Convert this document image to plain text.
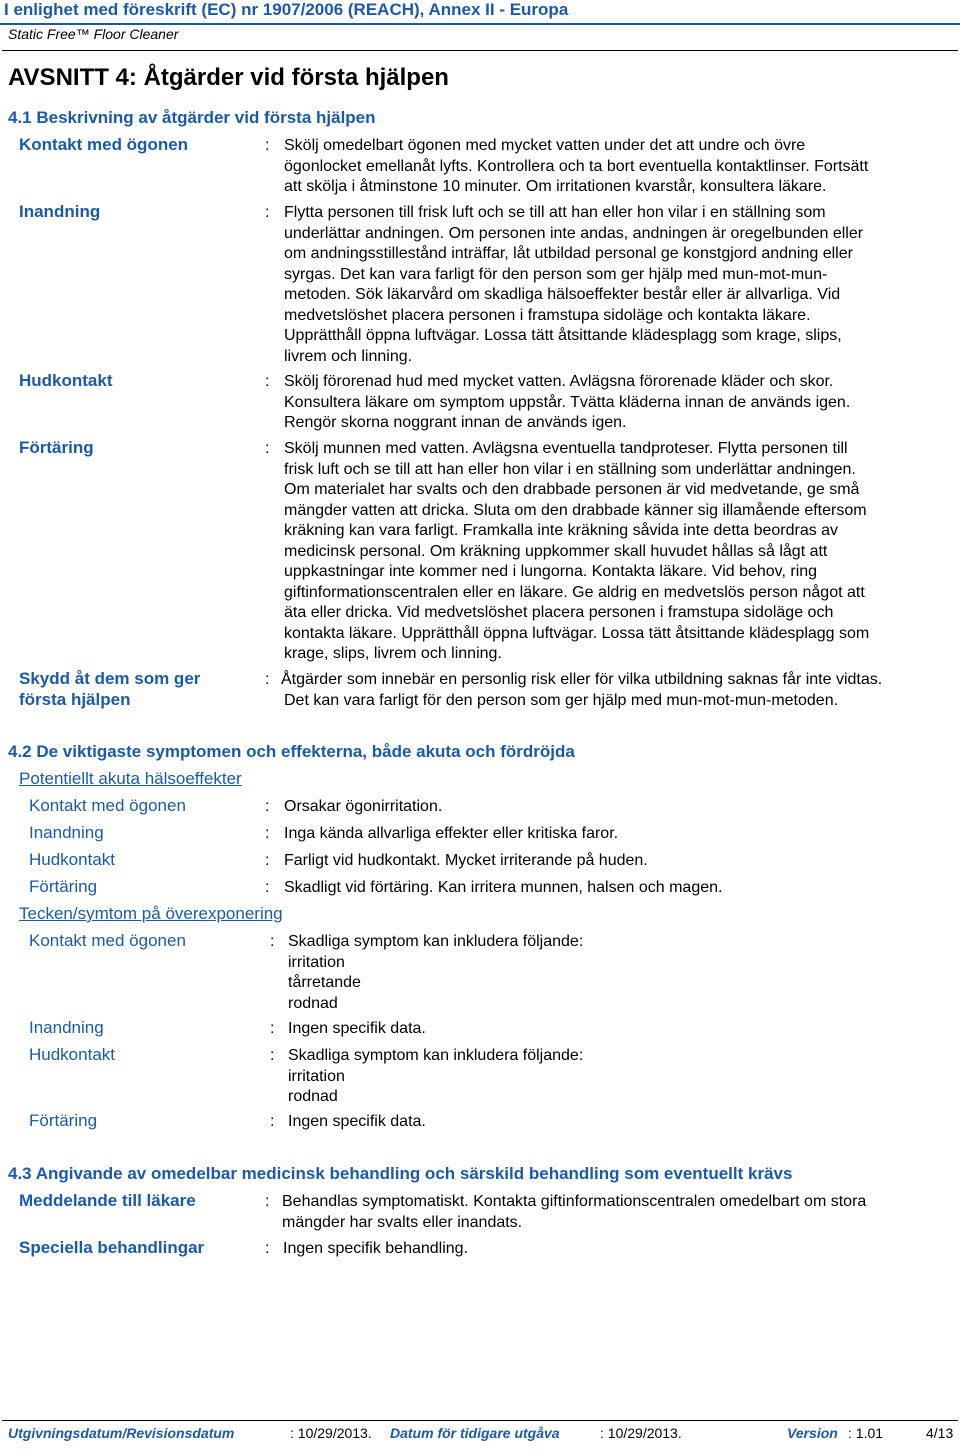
I enlighet med föreskrift (EC) nr 1907/2006 (REACH), Annex II - Europa
Static Free™ Floor Cleaner
AVSNITT 4: Åtgärder vid första hjälpen
4.1 Beskrivning av åtgärder vid första hjälpen
Kontakt med ögonen	: Skölj omedelbart ögonen med mycket vatten under det att undre och övre
ögonlocket emellanåt lyfts. Kontrollera och ta bort eventuella kontaktlinser. Fortsätt
att skölja i åtminstone 10 minuter. Om irritationen kvarstår, konsultera läkare.
Inandning	: Flytta personen till frisk luft och se till att han eller hon vilar i en ställning som
underlättar andningen. Om personen inte andas, andningen är oregelbunden eller
om andningsstillestånd inträffar, låt utbildad personal ge konstgjord andning eller
syrgas. Det kan vara farligt för den person som ger hjälp med mun-mot-mun-
metoden. Sök läkarvård om skadliga hälsoeffekter består eller är allvarliga. Vid
medvetslöshet placera personen i framstupa sidoläge och kontakta läkare.
Upprätthåll öppna luftvägar. Lossa tätt åtsittande klädesplagg som krage, slips,
livrem och linning.
Hudkontakt	: Skölj förorenad hud med mycket vatten. Avlägsna förorenade kläder och skor.
Konsultera läkare om symptom uppstår. Tvätta kläderna innan de används igen.
Rengör skorna noggrant innan de används igen.
Förtäring	: Skölj munnen med vatten. Avlägsna eventuella tandproteser. Flytta personen till
frisk luft och se till att han eller hon vilar i en ställning som underlättar andningen.
Om materialet har svalts och den drabbade personen är vid medvetande, ge små
mängder vatten att dricka. Sluta om den drabbade känner sig illamående eftersom
kräkning kan vara farligt. Framkalla inte kräkning såvida inte detta beordras av
medicinsk personal. Om kräkning uppkommer skall huvudet hållas så lågt att
uppkastningar inte kommer ned i lungorna. Kontakta läkare. Vid behov, ring
giftinformationscentralen eller en läkare. Ge aldrig en medvetslös person något att
äta eller dricka. Vid medvetslöshet placera personen i framstupa sidoläge och
kontakta läkare. Upprätthåll öppna luftvägar. Lossa tätt åtsittande klädesplagg som
krage, slips, livrem och linning.
Skydd åt dem som ger
första hjälpen
: Åtgärder som innebär en personlig risk eller för vilka utbildning saknas får inte vidtas.
Det kan vara farligt för den person som ger hjälp med mun-mot-mun-metoden.
4.2 De viktigaste symptomen och effekterna, både akuta och fördröjda
Potentiellt akuta hälsoeffekter
Kontakt med ögonen	: Orsakar ögonirritation.
Inandning	: Inga kända allvarliga effekter eller kritiska faror.
Hudkontakt	: Farligt vid hudkontakt. Mycket irriterande på huden.
Förtäring	: Skadligt vid förtäring. Kan irritera munnen, halsen och magen.
Tecken/symtom på överexponering
Kontakt med ögonen	: Skadliga symptom kan inkludera följande:
irritation
tårretande
rodnad
Inandning	: Ingen specifik data.
Hudkontakt	: Skadliga symptom kan inkludera följande:
irritation
rodnad
Förtäring	: Ingen specifik data.
4.3 Angivande av omedelbar medicinsk behandling och särskild behandling som eventuellt krävs
Meddelande till läkare	: Behandlas symptomatiskt. Kontakta giftinformationscentralen omedelbart om stora
mängder har svalts eller inandats.
Speciella behandlingar	: Ingen specifik behandling.
Utgivningsdatum/Revisionsdatum	: 10/29/2013. Datum för tidigare utgåva	: 10/29/2013.	Version : 1.01	4/13
